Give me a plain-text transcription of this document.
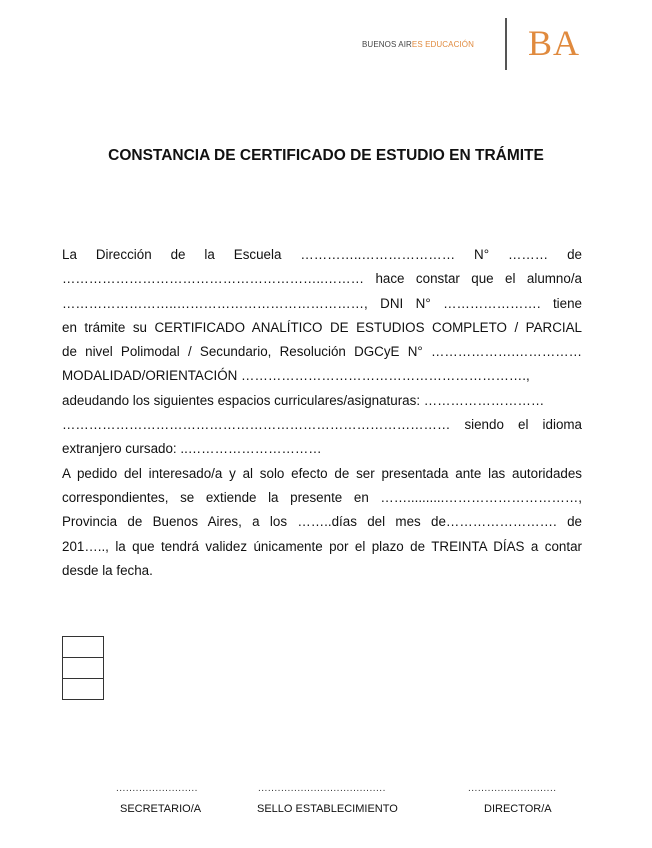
BUENOS AIRES EDUCACIÓN BA
CONSTANCIA DE CERTIFICADO DE ESTUDIO EN TRÁMITE
La Dirección de la Escuela …………..………………… N° ……… de
…………………………………………………..……… hace constar que el alumno/a
……………………..……………………………………, DNI N° …………………. tiene
en trámite su CERTIFICADO ANALÍTICO DE ESTUDIOS COMPLETO / PARCIAL
de nivel Polimodal / Secundario, Resolución DGCyE N° ……………….……………
MODALIDAD/ORIENTACIÓN ……………………………………………………….,
adeudando los siguientes espacios curriculares/asignaturas: ………………………
…………………………………………………………………………… siendo el idioma
extranjero cursado: ..…………………………
A pedido del interesado/a y al solo efecto de ser presentada ante las autoridades
correspondientes, se extiende la presente en ……..........…………………………,
Provincia de Buenos Aires, a los ……..días del mes de……………………. de
201….., la que tendrá validez únicamente por el plazo de TREINTA DÍAS a contar
desde la fecha.
.........................
SECRETARIO/A
.......................................
SELLO ESTABLECIMIENTO
...........................
DIRECTOR/A
